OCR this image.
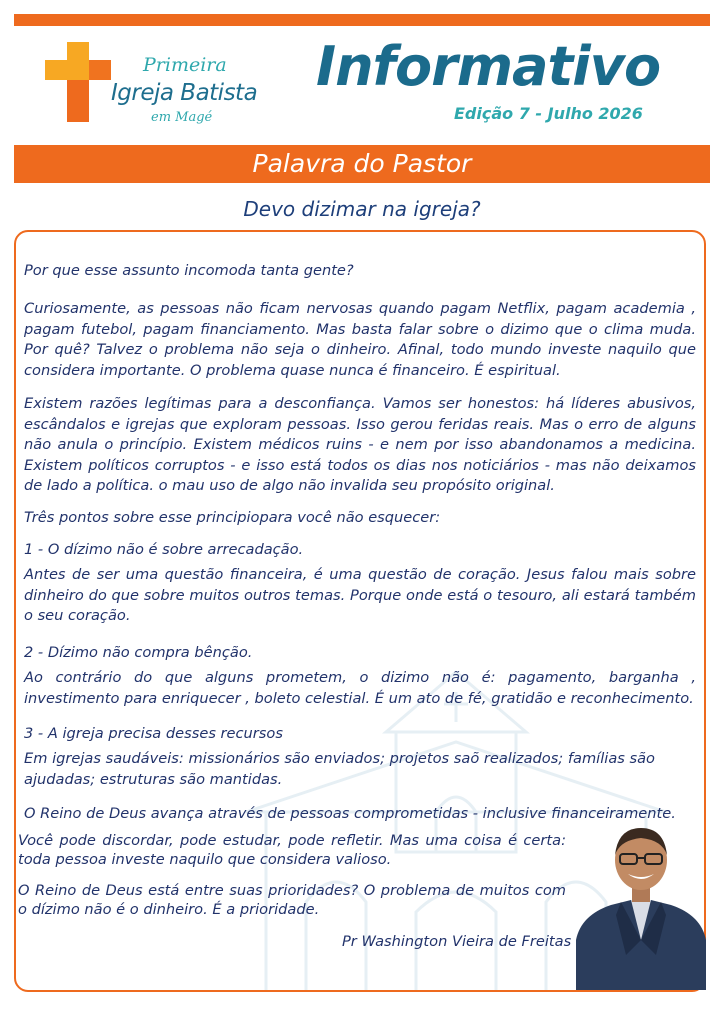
Primeira
Igreja Batista
em Magé
Informativo
Edição 7 - Julho 2026
Palavra do Pastor
Devo dizimar na igreja?

Por que esse assunto incomoda tanta gente?

Curiosamente, as pessoas não ficam nervosas quando pagam Netflix, pagam academia , pagam futebol, pagam financiamento. Mas basta falar sobre o dizimo que o clima muda. Por quê? Talvez o problema não seja o dinheiro. Afinal, todo mundo investe naquilo que considera importante. O problema quase nunca é financeiro. É espiritual.

Existem razões legítimas para a desconfiança. Vamos ser honestos: há líderes abusivos, escândalos e igrejas que exploram pessoas. Isso gerou feridas reais. Mas o erro de alguns não anula o princípio. Existem médicos ruins - e nem por isso abandonamos a medicina. Existem políticos corruptos - e isso está todos os dias nos noticiários - mas não deixamos de lado a política. o mau uso de algo não invalida seu propósito original.

Três pontos sobre esse principiopara você não esquecer:

1 - O dízimo não é sobre arrecadação.

Antes de ser uma questão financeira, é uma questão de coração. Jesus falou mais sobre dinheiro do que sobre muitos outros temas. Porque onde está o tesouro, ali estará também o seu coração.

2 - Dízimo não compra bênção.

Ao contrário do que alguns prometem, o dizimo não é: pagamento, barganha , investimento para enriquecer , boleto celestial. É um ato de fé, gratidão e reconhecimento.

3 - A igreja precisa desses recursos

Em igrejas saudáveis: missionários são enviados; projetos saõ realizados; famílias são ajudadas; estruturas são mantidas.

O Reino de Deus avança através de pessoas comprometidas - inclusive financeiramente.

Você pode discordar, pode estudar, pode refletir. Mas uma coisa é certa: toda pessoa investe naquilo que considera valioso.

O Reino de Deus está entre suas prioridades? O problema de muitos com o dízimo não é o dinheiro. É a prioridade.

Pr Washington Vieira de Freitas
